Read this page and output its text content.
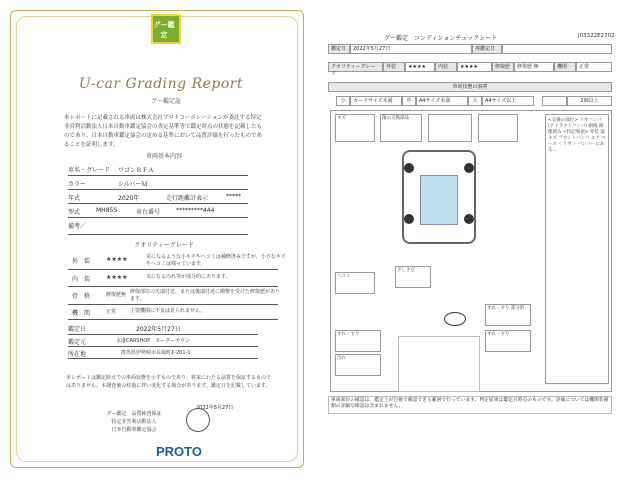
グー鑑定
U-car Grading Report
グー鑑定証
本レポートに記載される車両は株式会社プロトコーポレーションが委託する特定非営利活動法人日本自動車鑑定協会の査定基準等で鑑定時点の状態を記載したものであり、日本自動車鑑定協会の定める基準において品質評価を行ったものであることを証明します。
車両基本内容
車名・グレード ワゴンＲＦＡ
カラー	シルバーＭ
年式	2020年	走行距離計表示	*****
型式	MH85S	車台番号	*********444
備考／
クオリティーグレード
外　装	★★★★	気になるような小キズやヘコミは補修済みですが、小さなキズやヘコミは残っています。
内　装	★★★★	気になる汚れ等が部分的にあります。
骨　格	修復歴無 修復部位の先端付近、または後端付近に衝撃を受けた修復歴があります。
機　関	正常	主要機関に不良は見られません。
鑑定日	2022年5月27日
鑑定元	永盛CARSHOP　モーターテウン
所在地	群馬県伊勢崎市長堀町1-201-1
本レポートは鑑定時点での車両状態を示すものであり、将来にわたる品質を保証するものではありません。本調査後の経過に伴い変化する場合があります。鑑定日を記載しています。
2022年5月27日
グー鑑定　品質検査保証
特定非営利活動法人
日本自動車鑑定協会
PROTO
J03322E2702
グー鑑定　コンディションチェックシート
鑑定日	2022年5月27日	再鑑定日
クオリティーグレード
外装	★★★★	内装	★★★★	修復歴	修復歴 無	機関	正常
車両状態の説明
小	カードサイズ未満	中	A4サイズ未満	大	A4サイズ以上	2個以上
キズ	傷の交換部品
ヘコミ
少しさび
すれ・すり
すれ・すり 部分的
汚れ
すれ・すり
<交換の部位> リヤバンパ(アトラクトバンパ) 損傷 修理済み <特記事項> 外装 落キズ フロントバンパ エア ベース ＜リヤ＞ バンパーにある…
車両部位の確認は、鑑定士が目視で確認できる範囲で行っています。判定結果は鑑定日時点のものです。評価については機関装備類の詳細な確認は含まれません。
